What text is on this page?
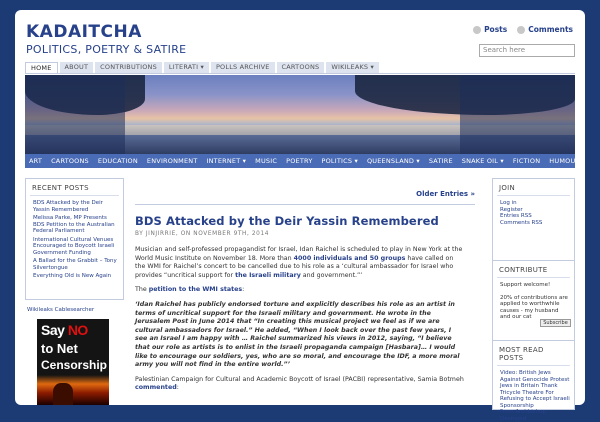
KADAITCHA
POLITICS, POETRY & SATIRE
Posts	Comments
Search here
HOME	ABOUT	CONTRIBUTIONS	LITERATI ▾	POLLS ARCHIVE	CARTOONS	WIKILEAKS ▾
ART CARTOONS EDUCATION ENVIRONMENT INTERNET ▾ MUSIC POETRY POLITICS ▾ QUEENSLAND ▾ SATIRE SNAKE OIL ▾ FICTION HUMOUR
RECENT POSTS
BDS Attacked by the Deir Yassin Remembered
Melissa Parke, MP Presents BDS Petition to the Australian Federal Parliament
International Cultural Venues Encouraged to Boycott Israeli Government Funding
A Ballad for the Grabbit – Tony Silvertongue
Everything Old is New Again
Wikileaks Cablesearcher
Say NO
to Net
Censorship
Older Entries »
BDS Attacked by the Deir Yassin Remembered
BY JINJIRRIE, ON NOVEMBER 9TH, 2014

Musician and self-professed propagandist for Israel, Idan Raichel is scheduled to play in New York at the World Music Institute on November 18. More than 4000 individuals and 50 groups have called on the WMI for Raichel’s concert to be cancelled due to his role as a ‘cultural ambassador for Israel who provides “uncritical support for the Israeli military and government.”’

The petition to the WMI states:

‘Idan Raichel has publicly endorsed torture and explicitly describes his role as an artist in terms of uncritical support for the Israeli military and government. He wrote in the Jerusalem Post in June 2014 that “In creating this musical project we feel as if we are cultural ambassadors for Israel.” He added, “When I look back over the past few years, I see an Israel I am happy with … Raichel summarized his views in 2012, saying, “I believe that our role as artists is to enlist in the Israeli propaganda campaign [Hasbara]… I would like to encourage our soldiers, yes, who are so moral, and encourage the IDF, a more moral army you will not find in the entire world.”’

Palestinian Campaign for Cultural and Academic Boycott of Israel (PACBI) representative, Samia Botmeh commented:

JOIN
Log in
Register
Entries RSS
Comments RSS
CONTRIBUTE
Support welcome!
20% of contributions are applied to worthwhile causes - my husband and our cat
Subscribe
MOST READ POSTS
Video: British Jews Against Genocide Protest
Jews in Britain Thank Tricycle Theatre For Refusing to Accept Israeli Sponsorship
From Archbishop Desmond
